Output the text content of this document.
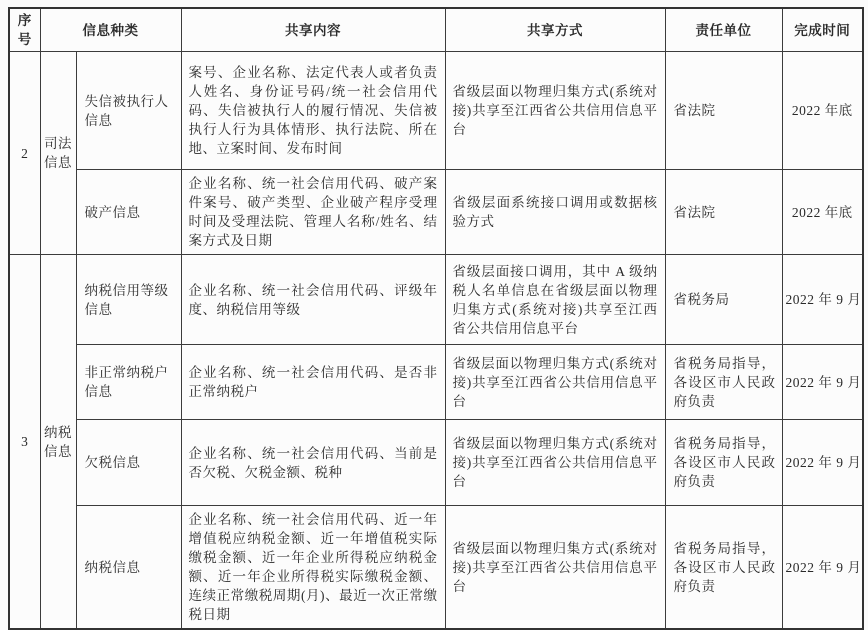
序号	信息种类		共享内容	共享方式	责任单位	完成时间
2	司法信息	失信被执行人信息	案号、企业名称、法定代表人或者负责人姓名、身份证号码/统一社会信用代码、失信被执行人的履行情况、失信被执行人行为具体情形、执行法院、所在地、立案时间、发布时间	省级层面以物理归集方式(系统对接)共享至江西省公共信用信息平台	省法院	2022 年底
		破产信息	企业名称、统一社会信用代码、破产案件案号、破产类型、企业破产程序受理时间及受理法院、管理人名称/姓名、结案方式及日期	省级层面系统接口调用或数据核验方式	省法院	2022 年底
3	纳税信息	纳税信用等级信息	企业名称、统一社会信用代码、评级年度、纳税信用等级	省级层面接口调用，其中 A 级纳税人名单信息在省级层面以物理归集方式(系统对接)共享至江西省公共信用信息平台	省税务局	2022 年 9 月
		非正常纳税户信息	企业名称、统一社会信用代码、是否非正常纳税户	省级层面以物理归集方式(系统对接)共享至江西省公共信用信息平台	省税务局指导，各设区市人民政府负责	2022 年 9 月
		欠税信息	企业名称、统一社会信用代码、当前是否欠税、欠税金额、税种	省级层面以物理归集方式(系统对接)共享至江西省公共信用信息平台	省税务局指导，各设区市人民政府负责	2022 年 9 月
		纳税信息	企业名称、统一社会信用代码、近一年增值税应纳税金额、近一年增值税实际缴税金额、近一年企业所得税应纳税金额、近一年企业所得税实际缴税金额、连续正常缴税周期(月)、最近一次正常缴税日期	省级层面以物理归集方式(系统对接)共享至江西省公共信用信息平台	省税务局指导，各设区市人民政府负责	2022 年 9 月
